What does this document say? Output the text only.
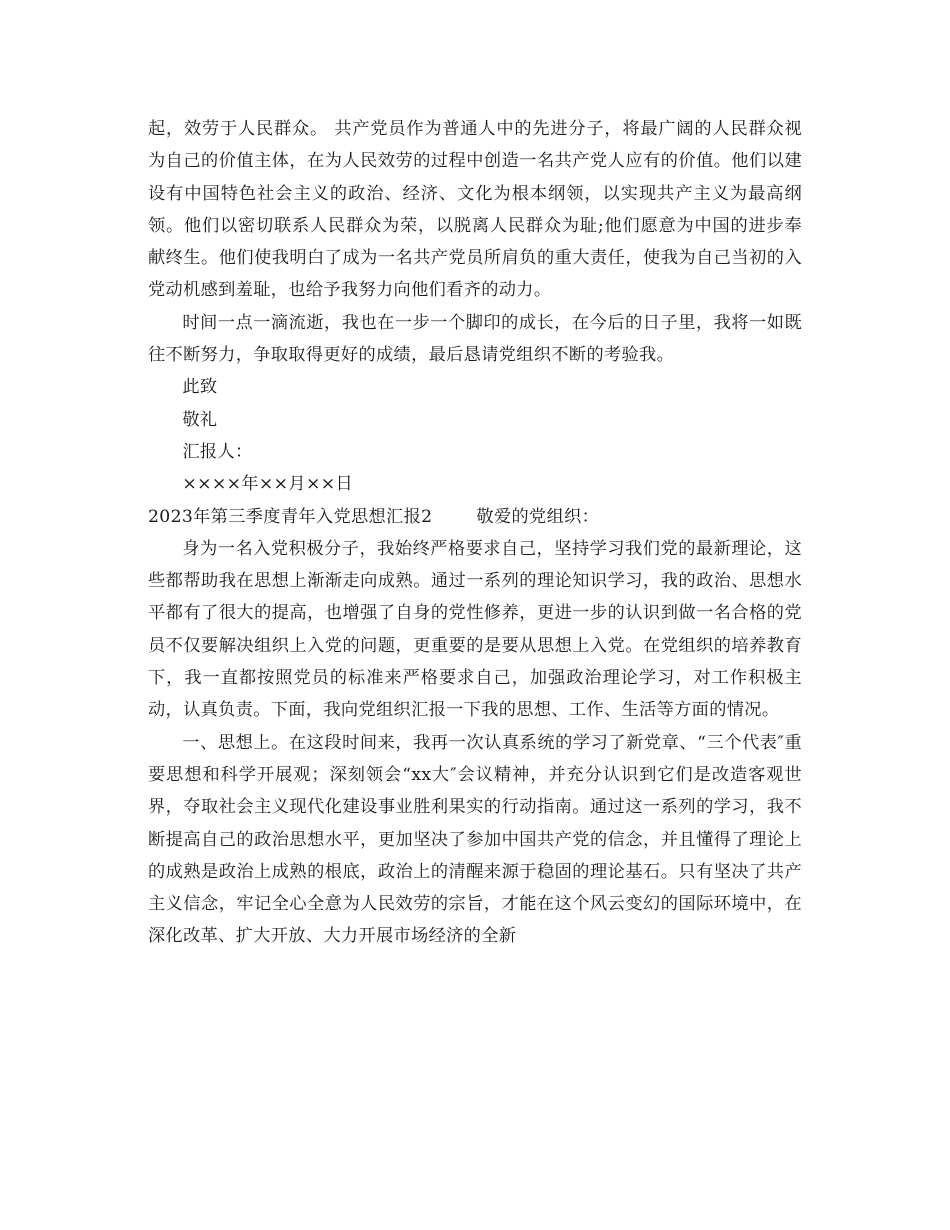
起，效劳于人民群众。 共产党员作为普通人中的先进分子，将最广阔的人民群众视为自己的价值主体，在为人民效劳的过程中创造一名共产党人应有的价值。他们以建设有中国特色社会主义的政治、经济、文化为根本纲领，以实现共产主义为最高纲领。他们以密切联系人民群众为荣，以脱离人民群众为耻;他们愿意为中国的进步奉献终生。他们使我明白了成为一名共产党员所肩负的重大责任，使我为自己当初的入党动机感到羞耻，也给予我努力向他们看齐的动力。

时间一点一滴流逝，我也在一步一个脚印的成长，在今后的日子里，我将一如既往不断努力，争取取得更好的成绩，最后恳请党组织不断的考验我。

此致

敬礼

汇报人：

××××年××月××日

2023年第三季度青年入党思想汇报2	敬爱的党组织：

身为一名入党积极分子，我始终严格要求自己，坚持学习我们党的最新理论，这些都帮助我在思想上渐渐走向成熟。通过一系列的理论知识学习，我的政治、思想水平都有了很大的提高，也增强了自身的党性修养，更进一步的认识到做一名合格的党员不仅要解决组织上入党的问题，更重要的是要从思想上入党。在党组织的培养教育下，我一直都按照党员的标准来严格要求自己，加强政治理论学习，对工作积极主动，认真负责。下面，我向党组织汇报一下我的思想、工作、生活等方面的情况。

一、思想上。在这段时间来，我再一次认真系统的学习了新党章、“三个代表″重要思想和科学开展观；深刻领会“xx大″会议精神，并充分认识到它们是改造客观世界，夺取社会主义现代化建设事业胜利果实的行动指南。通过这一系列的学习，我不断提高自己的政治思想水平，更加坚决了参加中国共产党的信念，并且懂得了理论上的成熟是政治上成熟的根底，政治上的清醒来源于稳固的理论基石。只有坚决了共产主义信念，牢记全心全意为人民效劳的宗旨，才能在这个风云变幻的国际环境中，在深化改革、扩大开放、大力开展市场经济的全新
